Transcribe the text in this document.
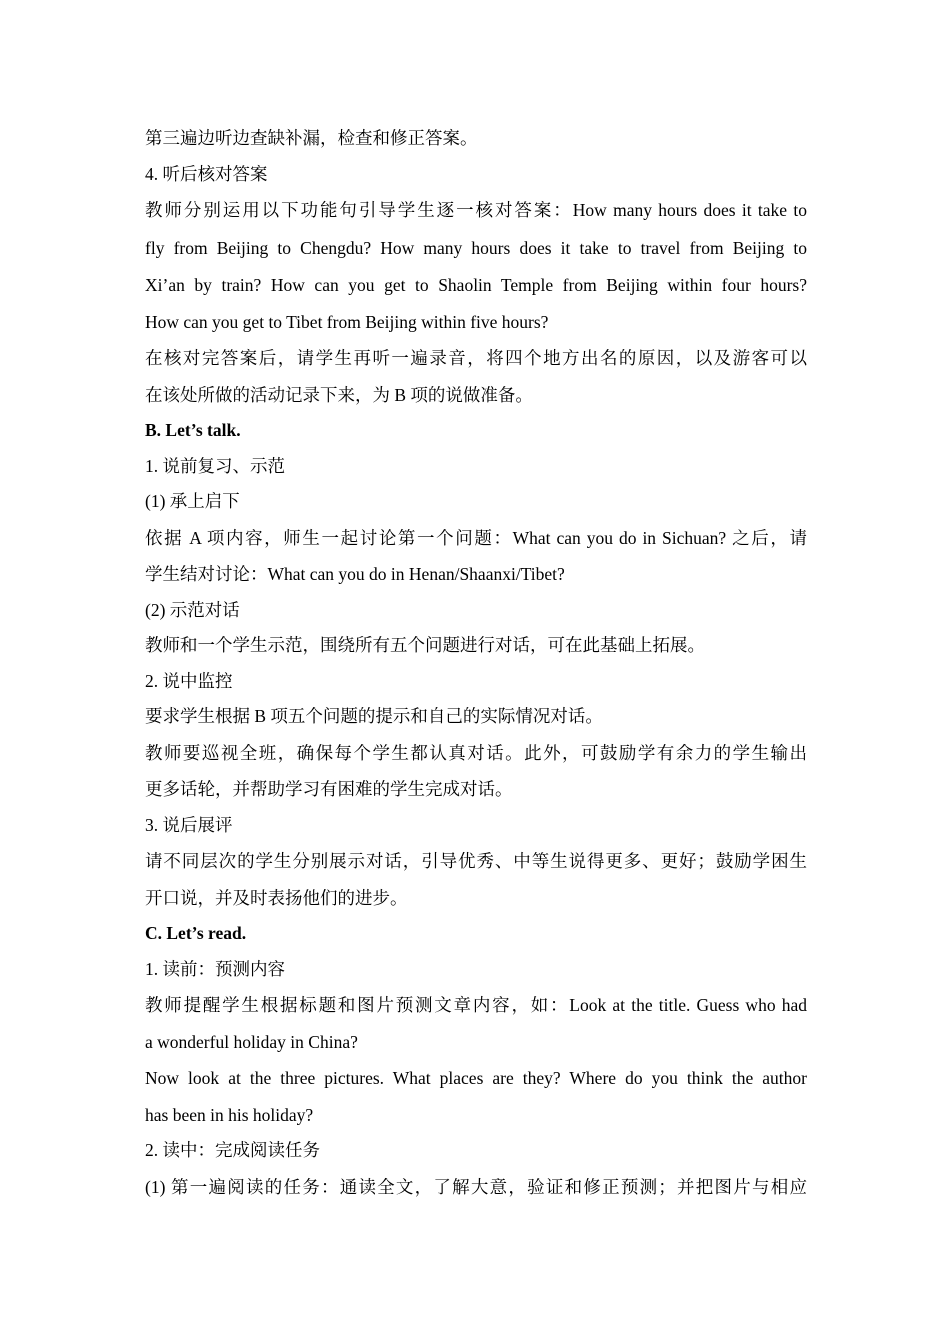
第三遍边听边查缺补漏，检查和修正答案。
4. 听后核对答案
教师分别运用以下功能句引导学生逐一核对答案：How many hours does it take to
fly from Beijing to Chengdu? How many hours does it take to travel from Beijing to
Xi’an by train? How can you get to Shaolin Temple from Beijing within four hours?
How can you get to Tibet from Beijing within five hours?
在核对完答案后，请学生再听一遍录音，将四个地方出名的原因，以及游客可以
在该处所做的活动记录下来，为 B 项的说做准备。
B. Let’s talk.
1. 说前复习、示范
(1) 承上启下
依据 A 项内容，师生一起讨论第一个问题：What can you do in Sichuan? 之后，请
学生结对讨论：What can you do in Henan/Shaanxi/Tibet?
(2) 示范对话
教师和一个学生示范，围绕所有五个问题进行对话，可在此基础上拓展。
2. 说中监控
要求学生根据 B 项五个问题的提示和自己的实际情况对话。
教师要巡视全班，确保每个学生都认真对话。此外，可鼓励学有余力的学生输出
更多话轮，并帮助学习有困难的学生完成对话。
3. 说后展评
请不同层次的学生分别展示对话，引导优秀、中等生说得更多、更好；鼓励学困生
开口说，并及时表扬他们的进步。
C. Let’s read.
1. 读前：预测内容
教师提醒学生根据标题和图片预测文章内容，如：Look at the title. Guess who had
a wonderful holiday in China?
Now look at the three pictures. What places are they? Where do you think the author
has been in his holiday?
2. 读中：完成阅读任务
(1) 第一遍阅读的任务：通读全文，了解大意，验证和修正预测；并把图片与相应
